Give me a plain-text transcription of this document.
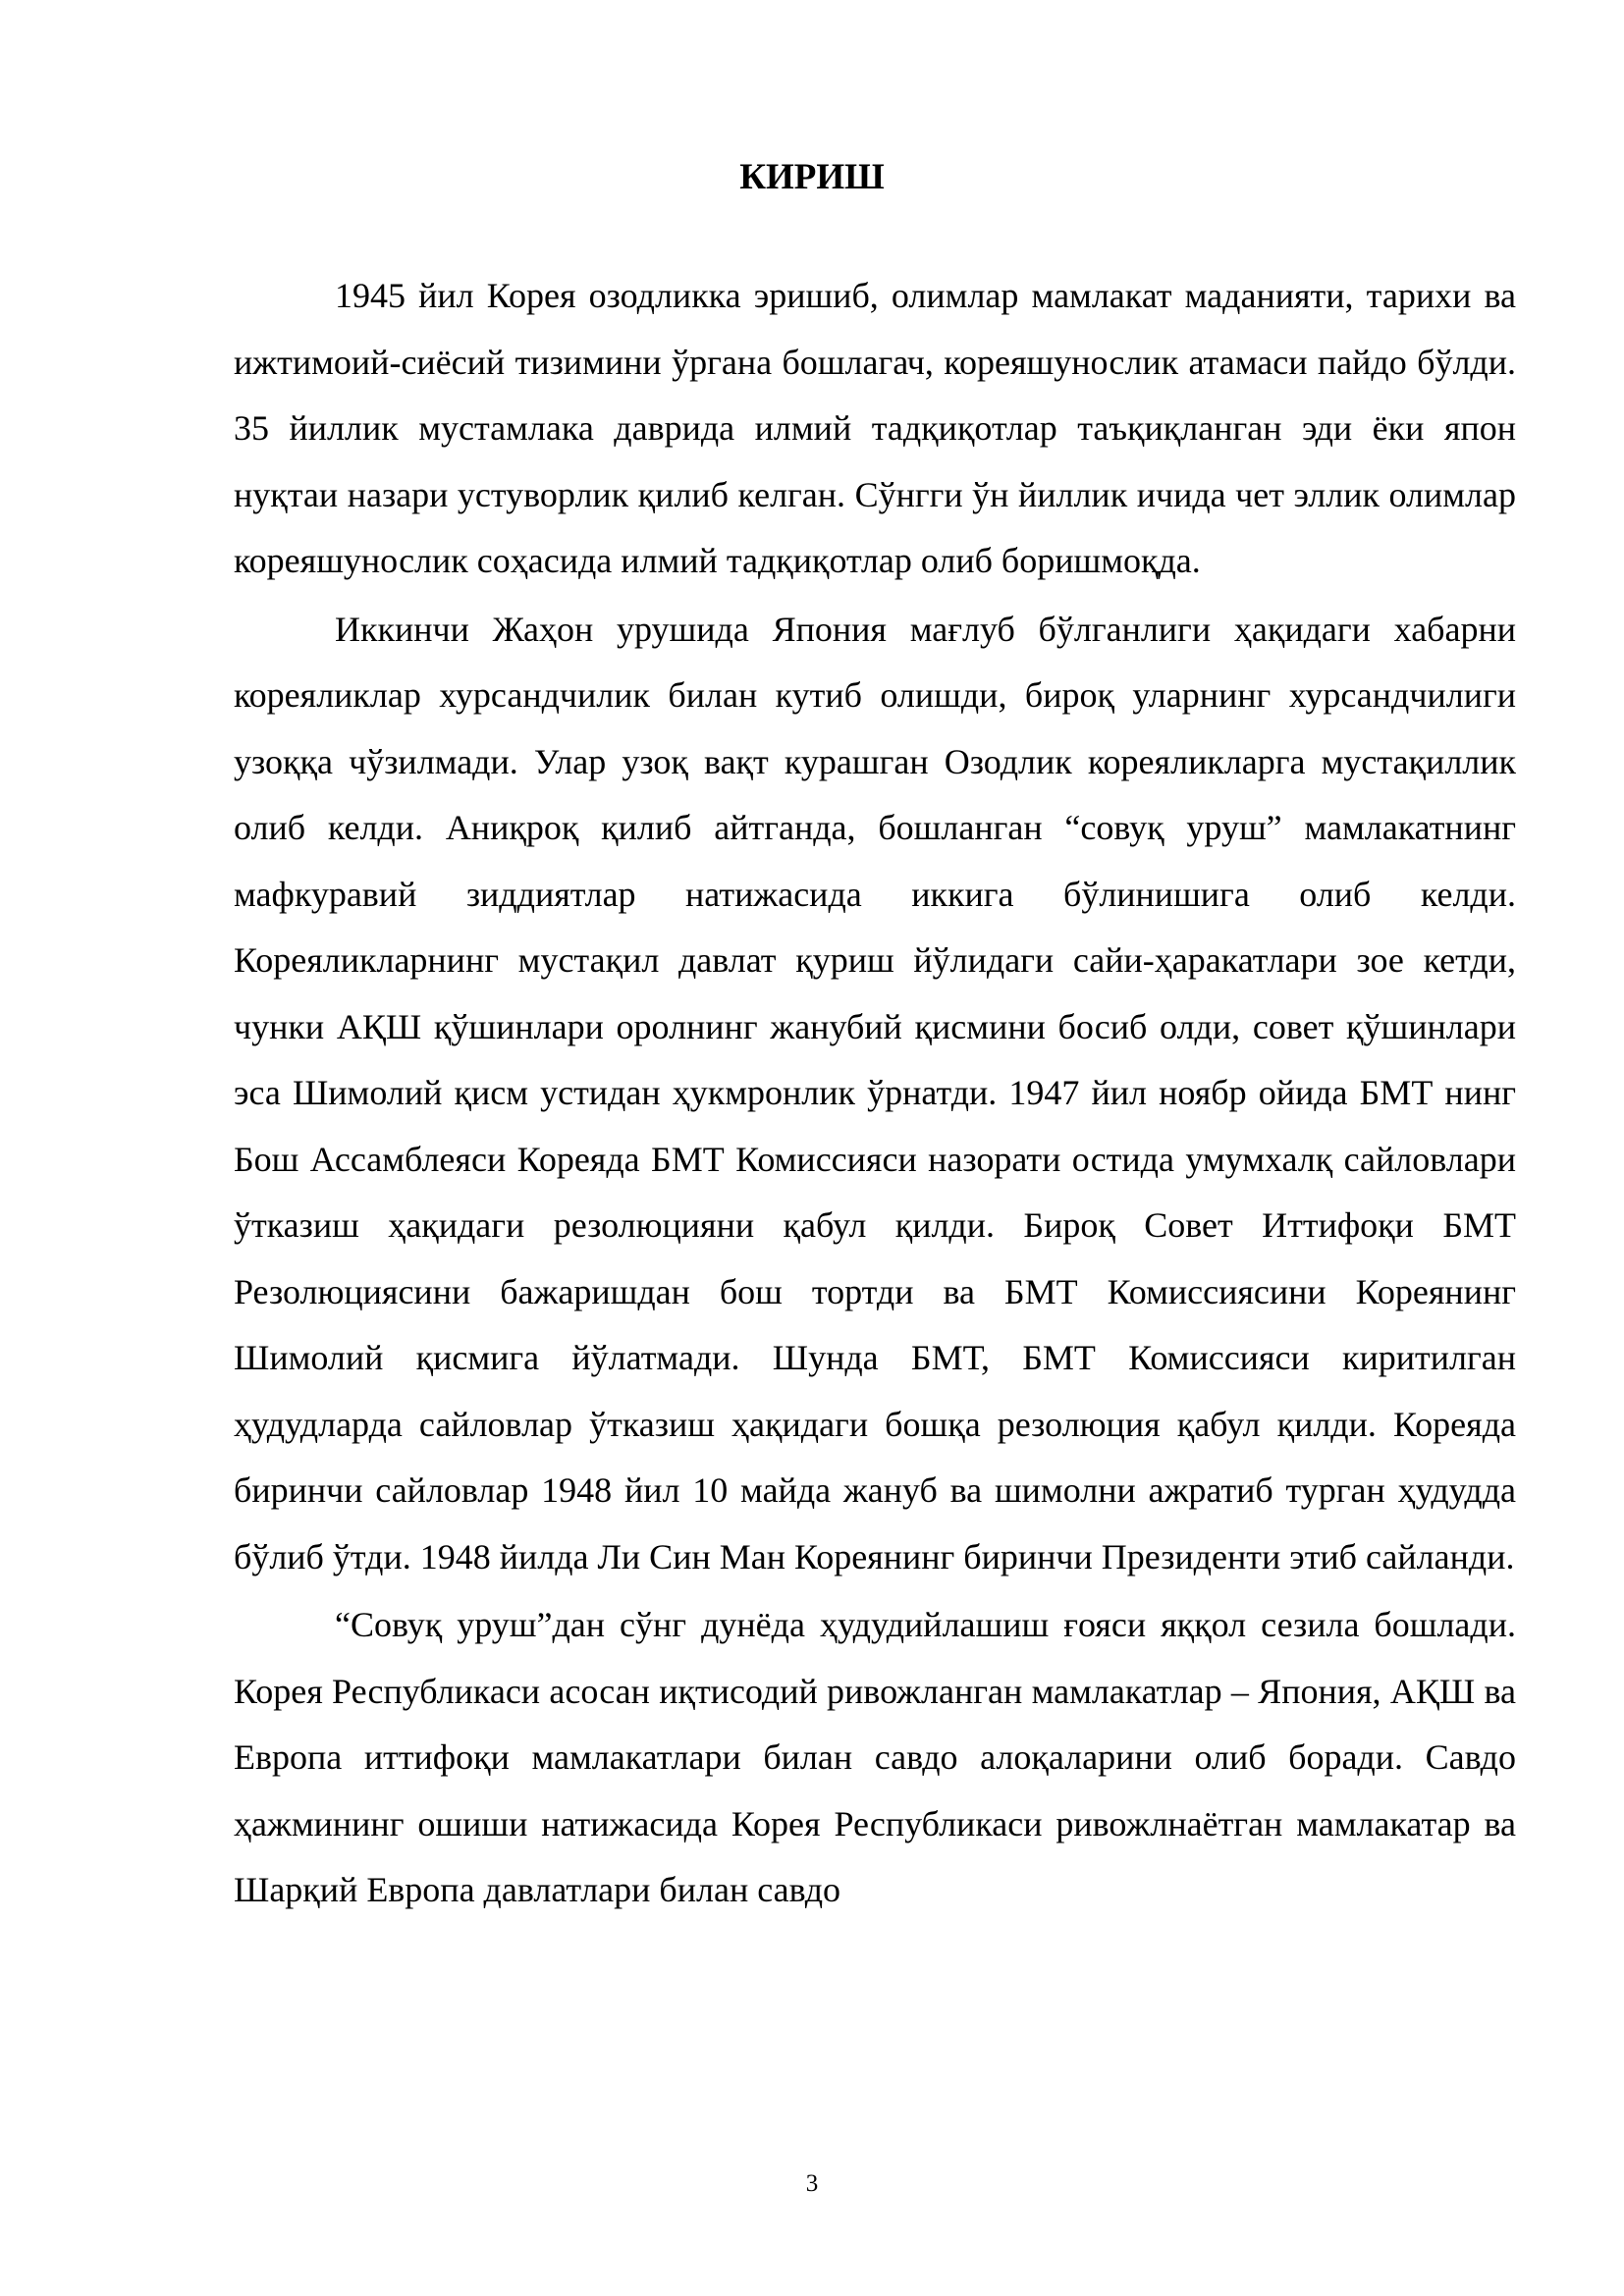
КИРИШ

1945 йил Корея озодликка эришиб, олимлар мамлакат маданияти, тарихи ва ижтимоий-сиёсий тизимини ўргана бошлагач, корeяшунослик атамаси пайдо бўлди. 35 йиллик мустамлака даврида илмий тадқиқотлар таъқиқланган эди ёки япон нуқтаи назари устуворлик қилиб келган. Сўнгги ўн йиллик ичида чет эллик олимлар корeяшунослик соҳасида илмий тадқиқотлар олиб боришмоқда.

Иккинчи Жаҳон урушида Япония мағлуб бўлганлиги ҳақидаги хабарни корeяликлар хурсандчилик билан кутиб олишди, бироқ уларнинг хурсандчилиги узоққа чўзилмади. Улар узоқ вақт курашган Озодлик корeяликларга мустақиллик олиб келди. Аниқроқ қилиб айтганда, бошланган “совуқ уруш” мамлакатнинг мафкуравий зиддиятлар натижасида иккига бўлинишига олиб келди. Корeяликларнинг мустақил давлат қуриш йўлидаги сайи-ҳаракатлари зое кетди, чунки АҚШ қўшинлари оролнинг жанубий қисмини босиб олди, совет қўшинлари эса Шимолий қисм устидан ҳукмронлик ўрнатди. 1947 йил ноябр ойида БМТ нинг Бош Ассамблеяси Корeяда БМТ Комиссияси назорати остида умумхалқ сайловлари ўтказиш ҳақидаги резолюцияни қабул қилди. Бироқ Совет Иттифоқи БМТ Резолюциясини бажаришдан бош тортди ва БМТ Комиссиясини Корeянинг Шимолий қисмига йўлатмади. Шунда БМТ, БМТ Комиссияси киритилган ҳудудларда сайловлар ўтказиш ҳақидаги бошқа резолюция қабул қилди. Корeяда биринчи сайловлар 1948 йил 10 майда жануб ва шимолни ажратиб турган ҳудудда бўлиб ўтди. 1948 йилда Ли Син Ман Корeянинг биринчи Президенти этиб сайланди.

“Совуқ уруш”дан сўнг дунёда ҳудудийлашиш ғояси яққол сезила бошлади. Корея Республикаси асосан иқтисодий ривожланган мамлакатлар – Япония, АҚШ ва Европа иттифоқи мамлакатлари билан савдо алоқаларини олиб боради. Савдо ҳажмининг ошиши натижасида Корея Республикаси ривожлнаётган мамлакатар ва Шарқий Европа давлатлари билан савдо

3
